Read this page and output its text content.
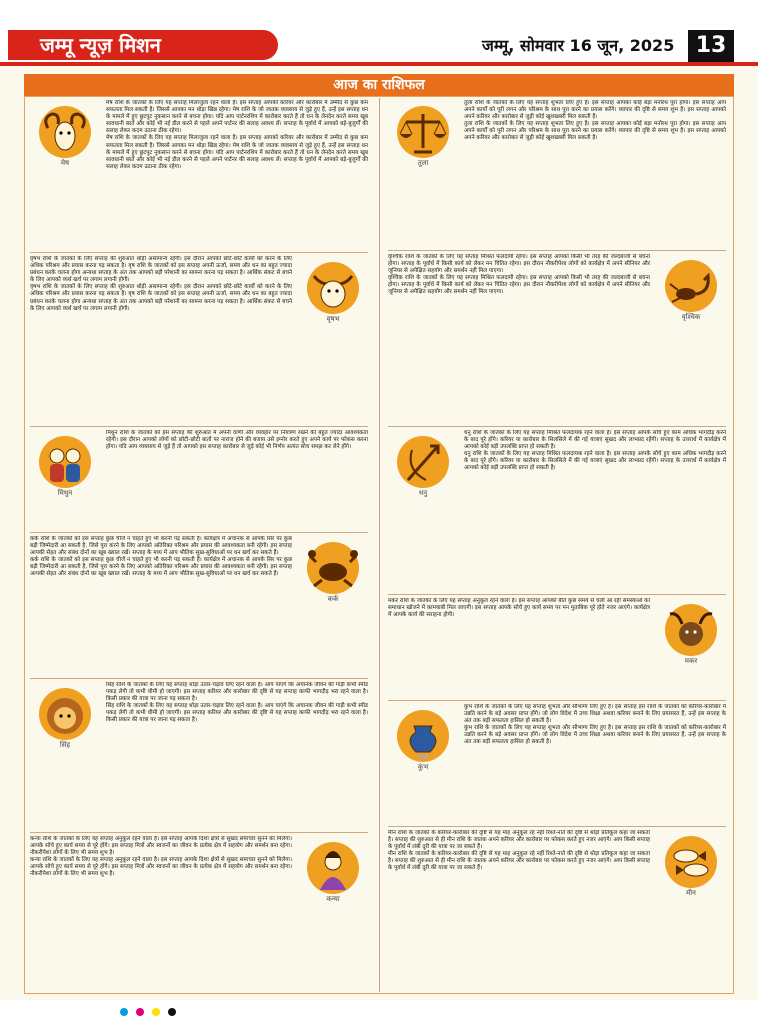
जम्मू न्यूज़ मिशन	जम्मू, सोमवार 16 जून, 2025 13
आज का राशिफल
मेष

मेष राशि के जातकों के लिए यह सप्ताह मिलाजुला रहने वाला है। इस सप्ताह आपको करियर और कारोबार में उम्मीद से कुछ कम सफलता मिल सकती है। जिससे आपका मन थोड़ा खिन्न रहेगा। मेष राशि के जो जातक व्यवसाय से जुड़े हुए हैं, उन्हें इस सप्ताह धन के मामले में हुए छुटपुट नुकसान करने से बचना होगा। यदि आप पार्टनरशिप में कारोबार करते हैं तो धन के लेनदेन करते समय खूब सावधानी बरतें और कोई भी नई डील करने से पहले अपने पार्टनर की सलाह अवश्य लें। सप्ताह के पूर्वार्ध में आपको बड़े-बुजुर्गों की सलाह लेकर कदम उठाना ठीक रहेगा।

मेष राशि के जातकों के लिए यह सप्ताह मिलाजुला रहने वाला है। इस सप्ताह आपको करियर और कारोबार में उम्मीद से कुछ कम सफलता मिल सकती है। जिससे आपका मन थोड़ा खिन्न रहेगा। मेष राशि के जो जातक व्यवसाय से जुड़े हुए हैं, उन्हें इस सप्ताह धन के मामले में हुए छुटपुट नुकसान करने से बचना होगा। यदि आप पार्टनरशिप में कारोबार करते हैं तो धन के लेनदेन करते समय खूब सावधानी बरतें और कोई भी नई डील करने से पहले अपने पार्टनर की सलाह अवश्य लें। सप्ताह के पूर्वार्ध में आपको बड़े-बुजुर्गों की सलाह लेकर कदम उठाना ठीक रहेगा।

वृषभ

वृषभ राशि के जातकों के लिए सप्ताह की शुरुआत थोड़ी असामान्य रहेगी। इस दौरान आपको छोटे-छोटे कार्यों को करने के लिए अधिक परिश्रम और प्रयास करना पड़ सकता है। वृष राशि के जातकों को इस सप्ताह अपनी ऊर्जा, समय और धन का बहुत ज्यादा प्रबंधन करके चलना होगा अन्यथा सप्ताह के अंत तक आपको बड़ी परेशानी का सामना करना पड़ सकता है। आर्थिक संकट से बचने के लिए आपको व्यर्थ खर्च पर लगाम लगानी होगी।

वृषभ राशि के जातकों के लिए सप्ताह की शुरुआत थोड़ी असामान्य रहेगी। इस दौरान आपको छोटे-छोटे कार्यों को करने के लिए अधिक परिश्रम और प्रयास करना पड़ सकता है। वृष राशि के जातकों को इस सप्ताह अपनी ऊर्जा, समय और धन का बहुत ज्यादा प्रबंधन करके चलना होगा अन्यथा सप्ताह के अंत तक आपको बड़ी परेशानी का सामना करना पड़ सकता है। आर्थिक संकट से बचने के लिए आपको व्यर्थ खर्च पर लगाम लगानी होगी।

मिथुन

मिथुन राशि के जातकों को इस सप्ताह की शुरुआत में अपनी वाणी और व्यवहार पर नियंत्रण रखने की बहुत ज्यादा आवश्यकता रहेगी। इस दौरान आपको लोगों को छोटी-छोटी बातों पर नाराज होने की बजाय उसे इग्नोर करते हुए अपने कार्य पर फोकस करना होगा। यदि आप व्यवसाय से जुड़े हैं तो आपको इस सप्ताह कारोबार से जुड़े कोई भी निर्णय अत्यंत सोच समझ कर लेने होंगे।

कर्क

कर्क राशि के जातकों को इस सप्ताह कुछ चीजें न चाहते हुए भी करनी पड़ सकती हैं। कार्यक्षेत्र में अचानक से आपके सिर पर कुछ बड़ी जिम्मेदारी आ सकती है, जिसे पूरा करने के लिए आपको अतिरिक्त परिश्रम और प्रयास की आवश्यकता बनी रहेगी। इस सप्ताह आपकी सेहत और संबंध दोनों का खूब ख्याल रखें। सप्ताह के मध्य में आप भौतिक सुख-सुविधाओं पर धन खर्च कर सकते हैं।

कर्क राशि के जातकों को इस सप्ताह कुछ चीजें न चाहते हुए भी करनी पड़ सकती हैं। कार्यक्षेत्र में अचानक से आपके सिर पर कुछ बड़ी जिम्मेदारी आ सकती है, जिसे पूरा करने के लिए आपको अतिरिक्त परिश्रम और प्रयास की आवश्यकता बनी रहेगी। इस सप्ताह आपकी सेहत और संबंध दोनों का खूब ख्याल रखें। सप्ताह के मध्य में आप भौतिक सुख-सुविधाओं पर धन खर्च कर सकते हैं।

सिंह

सिंह राशि के जातकों के लिए यह सप्ताह थोड़ा उतार-चढ़ाव लिए रहने वाला है। आप पाएंगे कि अचानक जीवन की गाड़ी कभी स्पीड पकड़ लेगी तो कभी धीमी हो जाएगी। इस सप्ताह करियर और कारोबार की दृष्टि से यह सप्ताह काफी भागदौड़ भरा रहने वाला है। किसी प्रकार की यात्रा पर जाना पड़ सकता है।

सिंह राशि के जातकों के लिए यह सप्ताह थोड़ा उतार-चढ़ाव लिए रहने वाला है। आप पाएंगे कि अचानक जीवन की गाड़ी कभी स्पीड पकड़ लेगी तो कभी धीमी हो जाएगी। इस सप्ताह करियर और कारोबार की दृष्टि से यह सप्ताह काफी भागदौड़ भरा रहने वाला है। किसी प्रकार की यात्रा पर जाना पड़ सकता है।

कन्या

कन्या राशि के जातकों के लिए यह सप्ताह अनुकूल रहने वाला है। इस सप्ताह आपके दिशा क्षेत्रों से सुखद समाचार सुनने को मिलेगा। आपके सोचे हुए कार्य समय से पूरे होंगे। इस सप्ताह मित्रों और स्वजनों का जीवन के प्रत्येक क्षेत्र में सहयोग और समर्थन बना रहेगा। नौकरीपेशा लोगों के लिए भी समय शुभ है।

कन्या राशि के जातकों के लिए यह सप्ताह अनुकूल रहने वाला है। इस सप्ताह आपके दिशा क्षेत्रों से सुखद समाचार सुनने को मिलेगा। आपके सोचे हुए कार्य समय से पूरे होंगे। इस सप्ताह मित्रों और स्वजनों का जीवन के प्रत्येक क्षेत्र में सहयोग और समर्थन बना रहेगा। नौकरीपेशा लोगों के लिए भी समय शुभ है।

तुला

तुला राशि के जातकों के लिए यह सप्ताह शुभता लिए हुए है। इस सप्ताह आपका कोई बड़ा मनोरथ पूरा होगा। इस सप्ताह आप अपने कार्यों को पूरी लगन और परिश्रम के साथ पूरा करने का प्रयास करेंगे। व्यापार की दृष्टि से समय शुभ है। इस सप्ताह आपको अपने करियर और कारोबार से जुड़ी कोई खुशखबरी मिल सकती है।

तुला राशि के जातकों के लिए यह सप्ताह शुभता लिए हुए है। इस सप्ताह आपका कोई बड़ा मनोरथ पूरा होगा। इस सप्ताह आप अपने कार्यों को पूरी लगन और परिश्रम के साथ पूरा करने का प्रयास करेंगे। व्यापार की दृष्टि से समय शुभ है। इस सप्ताह आपको अपने करियर और कारोबार से जुड़ी कोई खुशखबरी मिल सकती है।

वृश्चिक

वृश्चिक राशि के जातकों के लिए यह सप्ताह मिश्रित फलदायी रहेगा। इस सप्ताह आपको किसी भी तरह की जल्दबाजी से बचना होगा। सप्ताह के पूर्वार्ध में किसी कार्य को लेकर मन चिंतित रहेगा। इस दौरान नौकरीपेशा लोगों को कार्यक्षेत्र में अपने सीनियर और जूनियर से अपेक्षित सहयोग और समर्थन नहीं मिल पाएगा।

वृश्चिक राशि के जातकों के लिए यह सप्ताह मिश्रित फलदायी रहेगा। इस सप्ताह आपको किसी भी तरह की जल्दबाजी से बचना होगा। सप्ताह के पूर्वार्ध में किसी कार्य को लेकर मन चिंतित रहेगा। इस दौरान नौकरीपेशा लोगों को कार्यक्षेत्र में अपने सीनियर और जूनियर से अपेक्षित सहयोग और समर्थन नहीं मिल पाएगा।

धनु

धनु राशि के जातकों के लिए यह सप्ताह मिश्रित फलदायक रहने वाला है। इस सप्ताह आपके सोचे हुए काम अधिक भागदौड़ करने के बाद पूरे होंगे। करियर या कारोबार के सिलसिले में की गई यात्राएं सुखद और लाभप्रद रहेंगी। सप्ताह के उत्तरार्ध में कार्यक्षेत्र में आपको कोई बड़ी उपलब्धि प्राप्त हो सकती है।

धनु राशि के जातकों के लिए यह सप्ताह मिश्रित फलदायक रहने वाला है। इस सप्ताह आपके सोचे हुए काम अधिक भागदौड़ करने के बाद पूरे होंगे। करियर या कारोबार के सिलसिले में की गई यात्राएं सुखद और लाभप्रद रहेंगी। सप्ताह के उत्तरार्ध में कार्यक्षेत्र में आपको कोई बड़ी उपलब्धि प्राप्त हो सकती है।

मकर

मकर राशि के जातकों के लिए यह सप्ताह अनुकूल रहने वाला है। इस सप्ताह आपको बीते कुछ समय से चली आ रही समस्याओं का समाधान खोजने में कामयाबी मिल जाएगी। इस सप्ताह आपके सोचे हुए कार्य समय पर मन मुताबिक पूरे होते नजर आएंगे। कार्यक्षेत्र में आपके कार्य की सराहना होगी।

कुंभ

कुंभ राशि के जातकों के लिए यह सप्ताह शुभता और सौभाग्य लिए हुए है। इस सप्ताह इस राशि के जातकों को करियर-कारोबार में उन्नति करने के बड़े अवसर प्राप्त होंगे। जो लोग विदेश में उच्च शिक्षा अथवा करियर बनाने के लिए प्रयासरत हैं, उन्हें इस सप्ताह के अंत तक बड़ी सफलता हासिल हो सकती है।

कुंभ राशि के जातकों के लिए यह सप्ताह शुभता और सौभाग्य लिए हुए है। इस सप्ताह इस राशि के जातकों को करियर-कारोबार में उन्नति करने के बड़े अवसर प्राप्त होंगे। जो लोग विदेश में उच्च शिक्षा अथवा करियर बनाने के लिए प्रयासरत हैं, उन्हें इस सप्ताह के अंत तक बड़ी सफलता हासिल हो सकती है।

मीन

मीन राशि के जातकों के करियर-कारोबार की दृष्टि से यह माह अनुकूल रहे नहीं रिश्ते-नाते की दृष्टि से थोड़ा प्रतिकूल कहा जा सकता है। सप्ताह की शुरुआत से ही मीन राशि के जातक अपने करियर और कारोबार पर फोकस करते हुए नजर आएंगे। आप किसी सप्ताह के पूर्वार्ध में लंबी दूरी की यात्रा पर जा सकते हैं।

मीन राशि के जातकों के करियर-कारोबार की दृष्टि से यह माह अनुकूल रहे नहीं रिश्ते-नाते की दृष्टि से थोड़ा प्रतिकूल कहा जा सकता है। सप्ताह की शुरुआत से ही मीन राशि के जातक अपने करियर और कारोबार पर फोकस करते हुए नजर आएंगे। आप किसी सप्ताह के पूर्वार्ध में लंबी दूरी की यात्रा पर जा सकते हैं।
